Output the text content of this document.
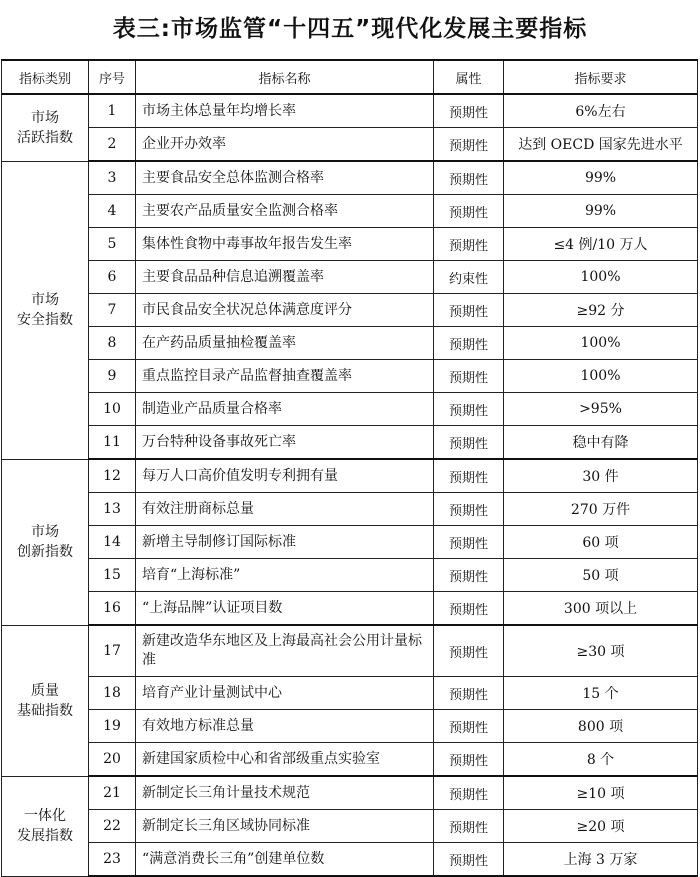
表三:市场监管“十四五”现代化发展主要指标
指标类别	序号	指标名称	属性	指标要求

市场
活跃指数	1	市场主体总量年均增长率	预期性	6%左右
	2	企业开办效率	预期性	达到 OECD 国家先进水平

市场
安全指数	3	主要食品安全总体监测合格率	预期性	99%
	4	主要农产品质量安全监测合格率	预期性	99%
	5	集体性食物中毒事故年报告发生率	预期性	≤4 例/10 万人
	6	主要食品品种信息追溯覆盖率	约束性	100%
	7	市民食品安全状况总体满意度评分	预期性	≥92 分
	8	在产药品质量抽检覆盖率	预期性	100%
	9	重点监控目录产品监督抽查覆盖率	预期性	100%
	10	制造业产品质量合格率	预期性	>95%
	11	万台特种设备事故死亡率	预期性	稳中有降

市场
创新指数	12	每万人口高价值发明专利拥有量	预期性	30 件
	13	有效注册商标总量	预期性	270 万件
	14	新增主导制修订国际标准	预期性	60 项
	15	培育“上海标准”	预期性	50 项
	16	“上海品牌”认证项目数	预期性	300 项以上

质量
基础指数	17	新建改造华东地区及上海最高社会公用计量标准	预期性	≥30 项
	18	培育产业计量测试中心	预期性	15 个
	19	有效地方标准总量	预期性	800 项
	20	新建国家质检中心和省部级重点实验室	预期性	8 个

一体化
发展指数	21	新制定长三角计量技术规范	预期性	≥10 项
	22	新制定长三角区域协同标准	预期性	≥20 项
	23	“满意消费长三角”创建单位数	预期性	上海 3 万家
